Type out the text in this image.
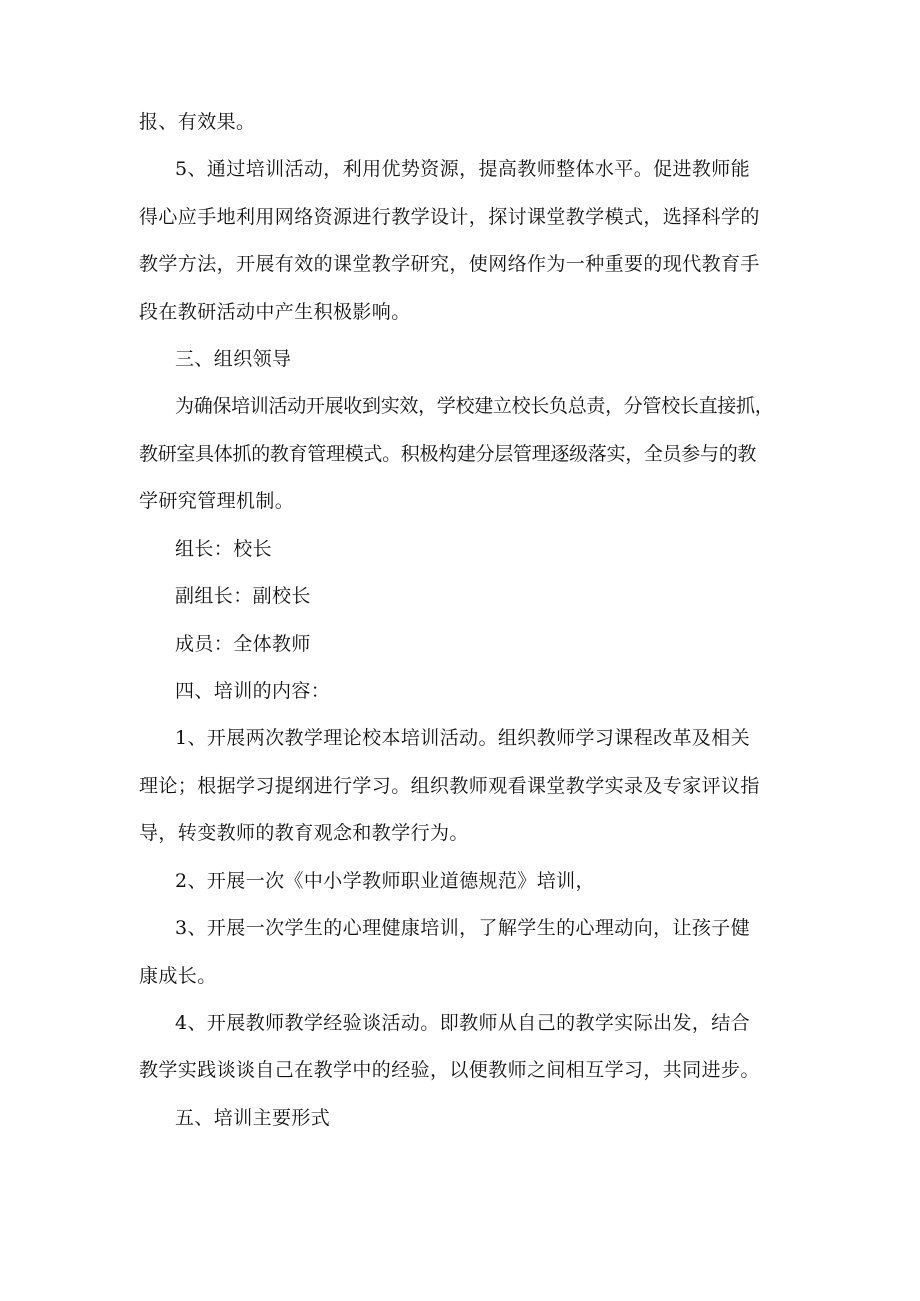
报、有效果。
5、通过培训活动，利用优势资源，提高教师整体水平。促进教师能
得心应手地利用网络资源进行教学设计，探讨课堂教学模式，选择科学的
教学方法，开展有效的课堂教学研究，使网络作为一种重要的现代教育手
段在教研活动中产生积极影响。
三、组织领导
为确保培训活动开展收到实效，学校建立校长负总责，分管校长直接抓，
教研室具体抓的教育管理模式。积极构建分层管理逐级落实，全员参与的教
学研究管理机制。
组长：校长
副组长：副校长
成员：全体教师
四、培训的内容：
1、开展两次教学理论校本培训活动。组织教师学习课程改革及相关
理论；根据学习提纲进行学习。组织教师观看课堂教学实录及专家评议指
导，转变教师的教育观念和教学行为。
2、开展一次《中小学教师职业道德规范》培训，
3、开展一次学生的心理健康培训，了解学生的心理动向，让孩子健
康成长。
4、开展教师教学经验谈活动。即教师从自己的教学实际出发，结合
教学实践谈谈自己在教学中的经验，以便教师之间相互学习，共同进步。
五、培训主要形式
